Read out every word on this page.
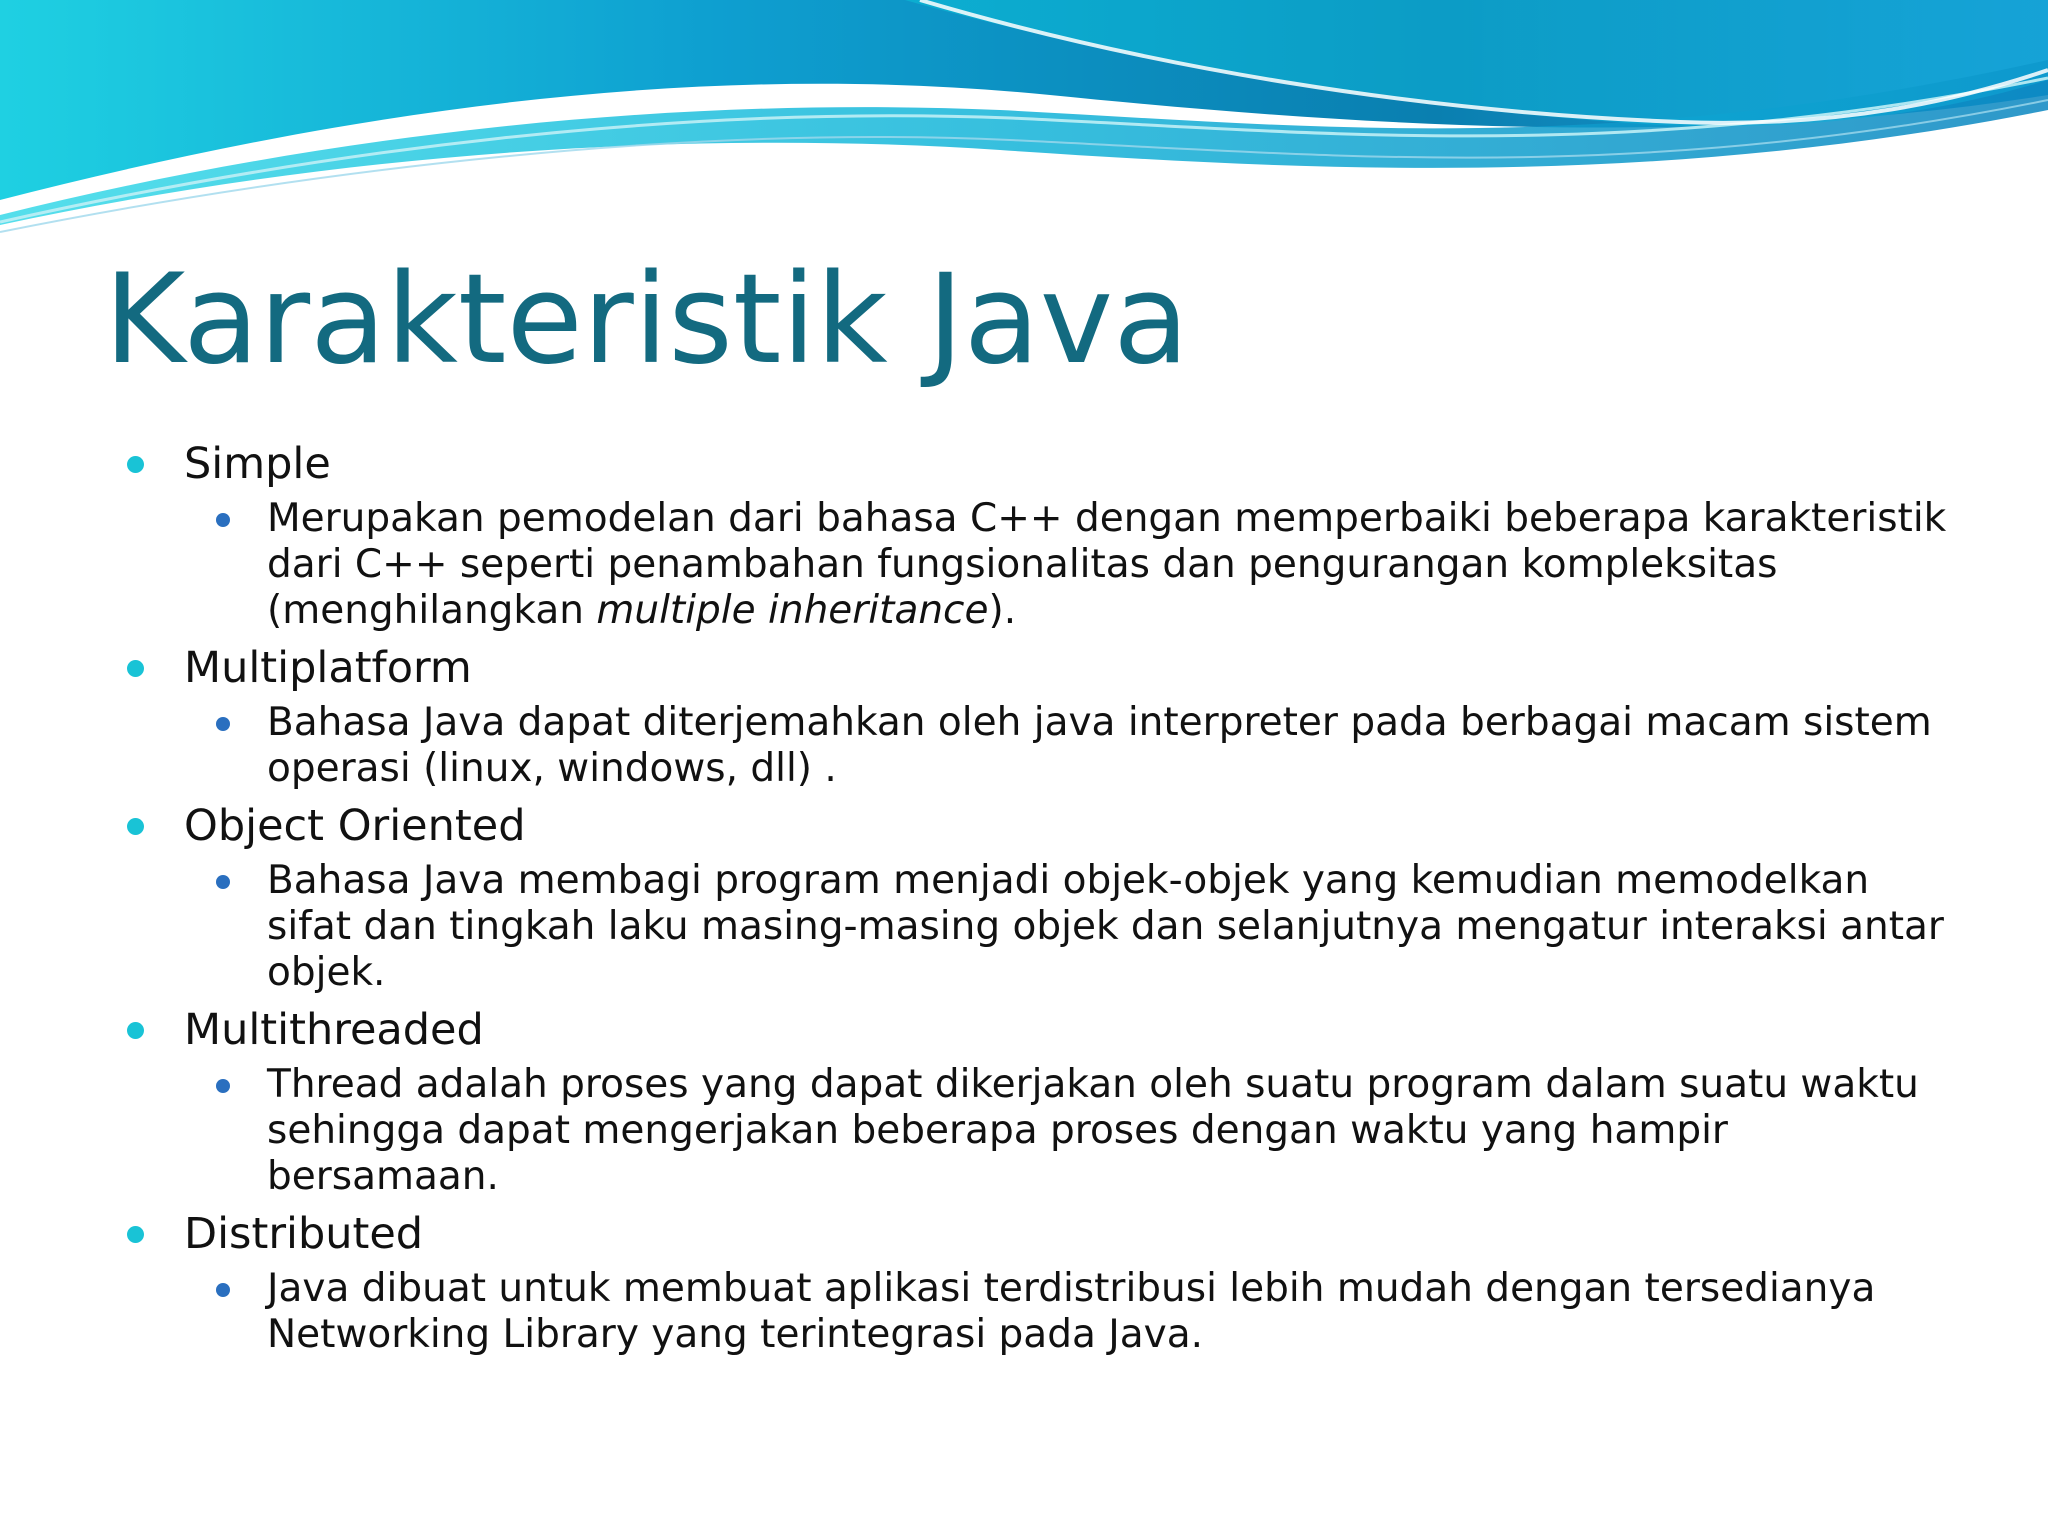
Karakteristik Java
Simple
Merupakan pemodelan dari bahasa C++ dengan memperbaiki beberapa karakteristik
dari C++ seperti penambahan fungsionalitas dan pengurangan kompleksitas
(menghilangkan multiple inheritance).
Multiplatform
Bahasa Java dapat diterjemahkan oleh java interpreter pada berbagai macam sistem
operasi (linux, windows, dll) .
Object Oriented
Bahasa Java membagi program menjadi objek-objek yang kemudian memodelkan
sifat dan tingkah laku masing-masing objek dan selanjutnya mengatur interaksi antar
objek.
Multithreaded
Thread adalah proses yang dapat dikerjakan oleh suatu program dalam suatu waktu
sehingga dapat mengerjakan beberapa proses dengan waktu yang hampir
bersamaan.
Distributed
Java dibuat untuk membuat aplikasi terdistribusi lebih mudah dengan tersedianya
Networking Library yang terintegrasi pada Java.
